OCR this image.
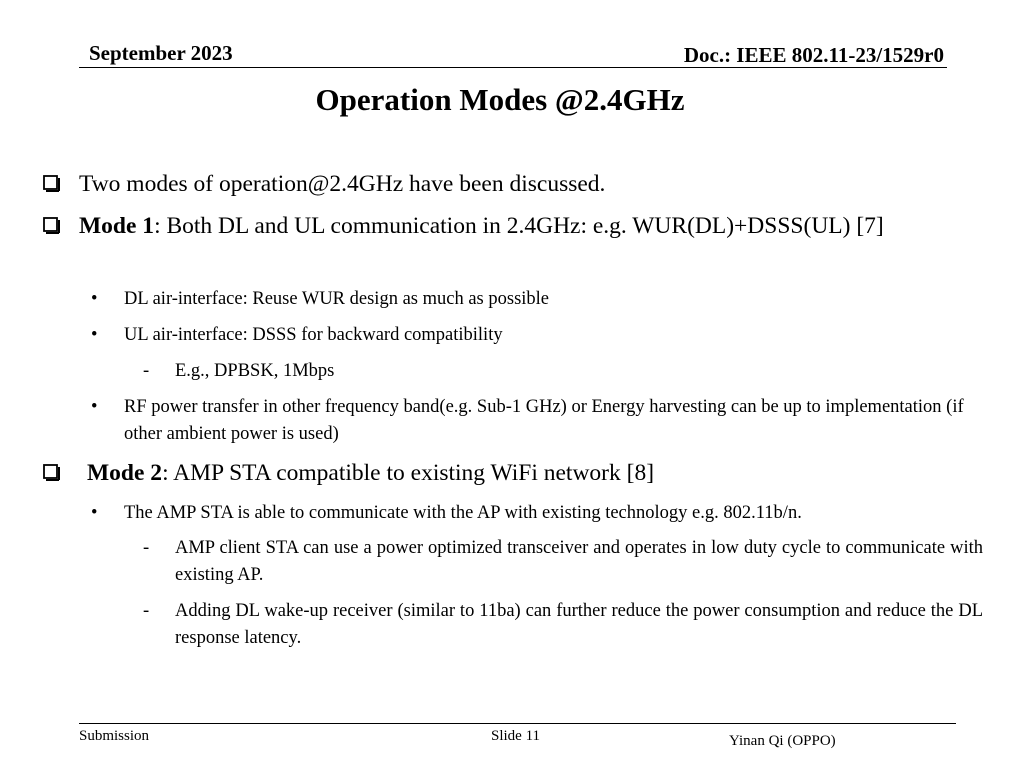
September 2023	Doc.: IEEE 802.11-23/1529r0
Operation Modes @2.4GHz
Two modes of operation@2.4GHz have been discussed.
Mode 1: Both DL and UL communication in 2.4GHz: e.g. WUR(DL)+DSSS(UL) [7]
• DL air-interface: Reuse WUR design as much as possible
• UL air-interface: DSSS for backward compatibility
- E.g., DPBSK, 1Mbps
• RF power transfer in other frequency band(e.g. Sub-1 GHz) or Energy harvesting can be up to implementation (if other ambient power is used)
Mode 2: AMP STA compatible to existing WiFi network [8]
• The AMP STA is able to communicate with the AP with existing technology e.g. 802.11b/n.
- AMP client STA can use a power optimized transceiver and operates in low duty cycle to communicate with existing AP.
- Adding DL wake-up receiver (similar to 11ba) can further reduce the power consumption and reduce the DL response latency.
Submission	Slide 11	Yinan Qi (OPPO)
